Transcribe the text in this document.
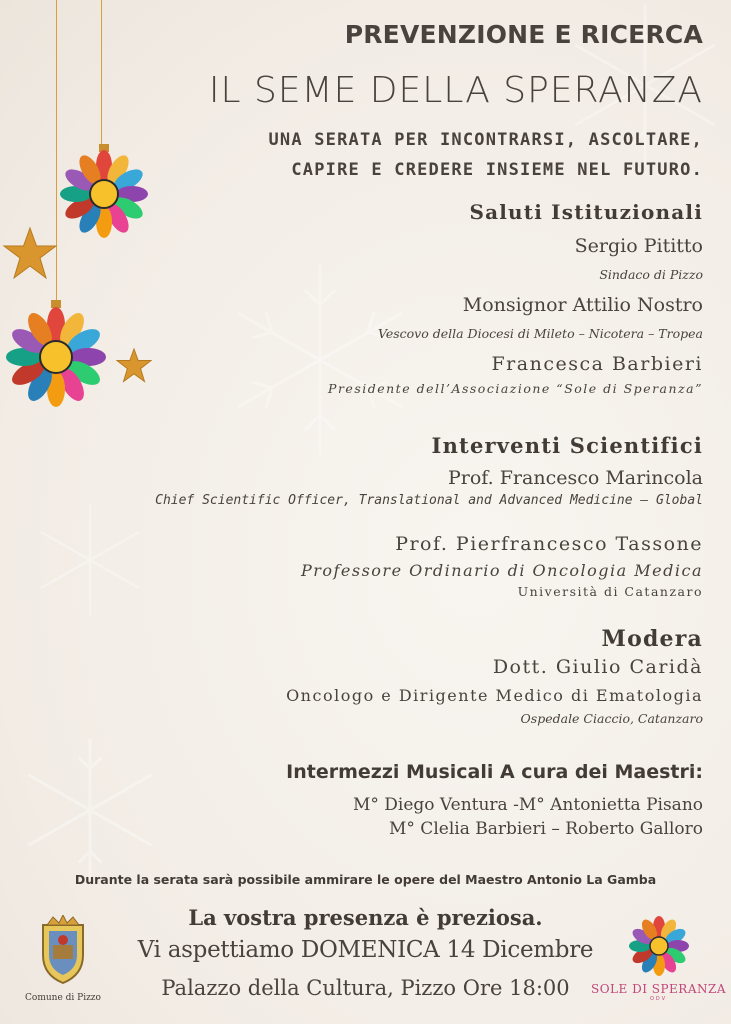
PREVENZIONE E RICERCA
IL SEME DELLA SPERANZA

UNA SERATA PER INCONTRARSI, ASCOLTARE,

CAPIRE E CREDERE INSIEME NEL FUTURO.

Saluti Istituzionali

Sergio Pititto

Sindaco di Pizzo

Monsignor Attilio Nostro

Vescovo della Diocesi di Mileto – Nicotera – Tropea

Francesca Barbieri

Presidente dell’Associazione “Sole di Speranza”

Interventi Scientifici

Prof. Francesco Marincola

Chief Scientific Officer, Translational and Advanced Medicine – Global

Prof. Pierfrancesco Tassone

Professore Ordinario di Oncologia Medica

Università di Catanzaro

Modera

Dott. Giulio Caridà

Oncologo e Dirigente Medico di Ematologia

Ospedale Ciaccio, Catanzaro

Intermezzi Musicali A cura dei Maestri:

M° Diego Ventura -M° Antonietta Pisano

M° Clelia Barbieri – Roberto Galloro

Durante la serata sarà possibile ammirare le opere del Maestro Antonio La Gamba

La vostra presenza è preziosa.

Vi aspettiamo DOMENICA 14 Dicembre

Palazzo della Cultura, Pizzo Ore 18:00

Comune di Pizzo
SOLE DI SPERANZA
ODV
